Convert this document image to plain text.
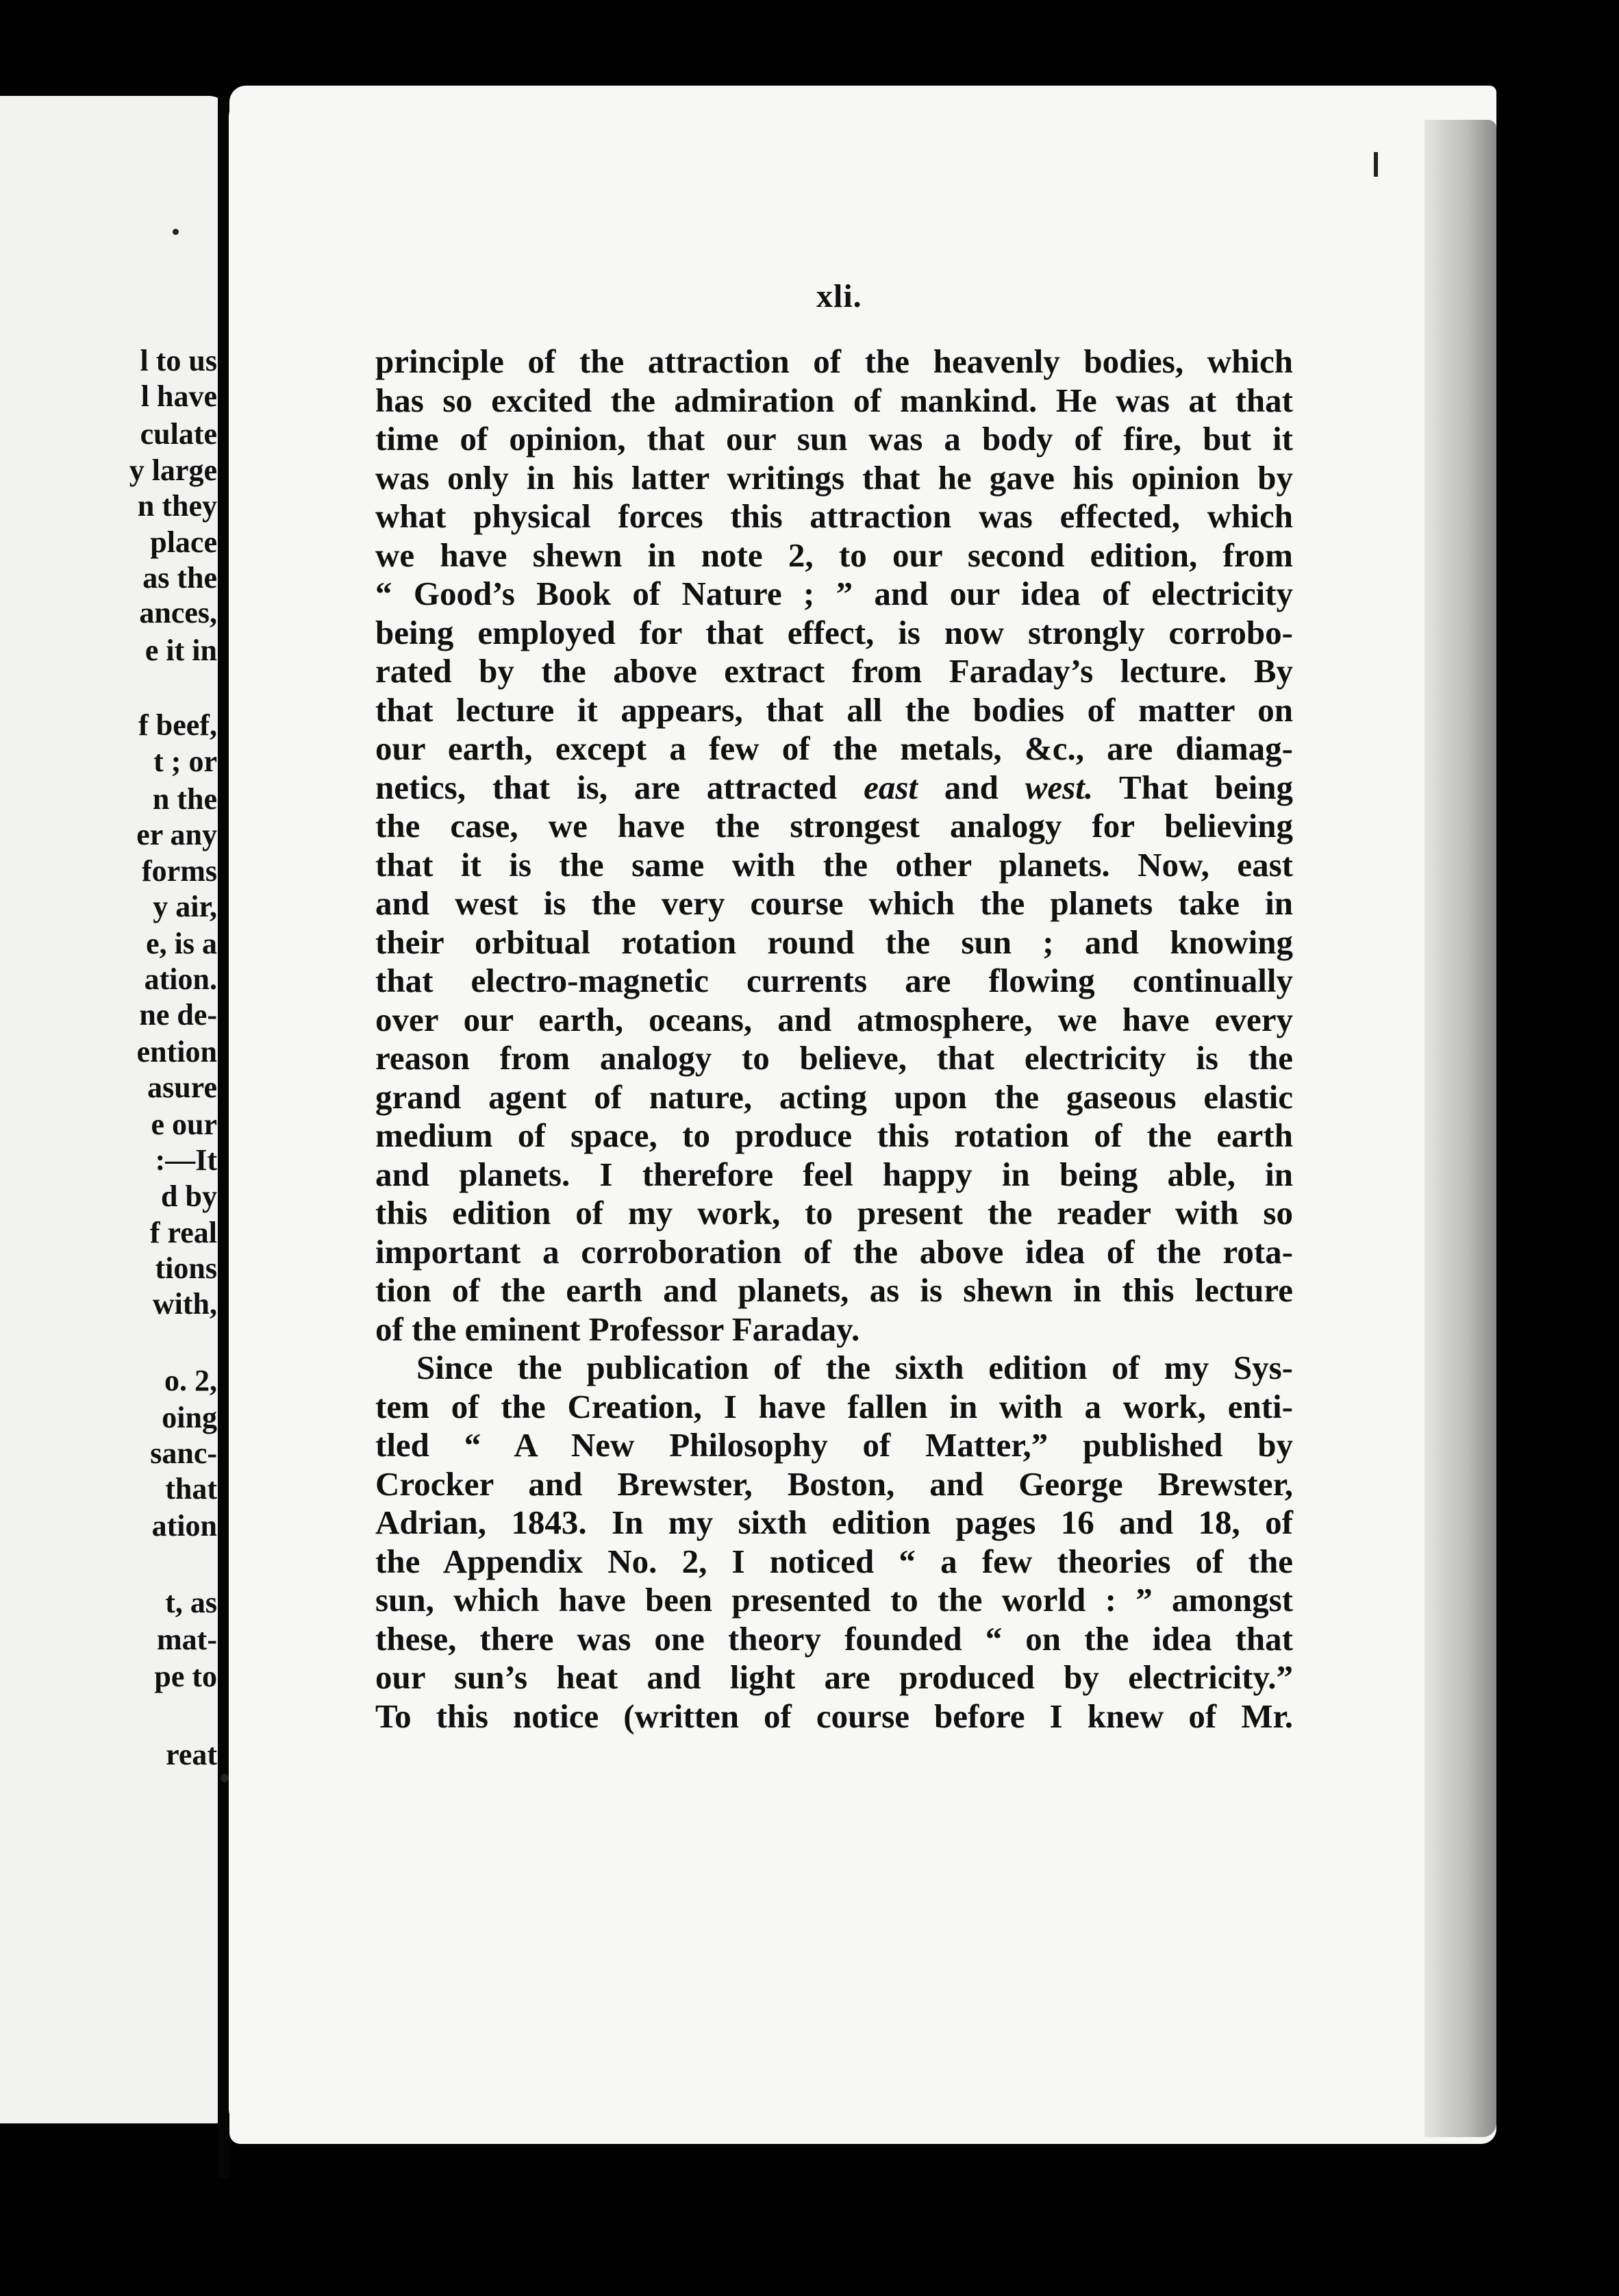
l to us
l have
culate
y large
n they
place
as the
ances,
e it in
f beef,
t ; or
n the
er any
forms
y air,
e, is a
ation.
ne de-
ention
asure
e our
:—It
d by
f real
tions
with,
o. 2,
oing
sanc-
that
ation
t, as
mat-
pe to
reat
xli.
principle of the attraction of the heavenly bodies, which
has so excited the admiration of mankind. He was at that
time of opinion, that our sun was a body of fire, but it
was only in his latter writings that he gave his opinion by
what physical forces this attraction was effected, which
we have shewn in note 2, to our second edition, from
“ Good’s Book of Nature ; ” and our idea of electricity
being employed for that effect, is now strongly corrobo-
rated by the above extract from Faraday’s lecture. By
that lecture it appears, that all the bodies of matter on
our earth, except a few of the metals, &c., are diamag-
netics, that is, are attracted east and west. That being
the case, we have the strongest analogy for believing
that it is the same with the other planets. Now, east
and west is the very course which the planets take in
their orbitual rotation round the sun ; and knowing
that electro-magnetic currents are flowing continually
over our earth, oceans, and atmosphere, we have every
reason from analogy to believe, that electricity is the
grand agent of nature, acting upon the gaseous elastic
medium of space, to produce this rotation of the earth
and planets. I therefore feel happy in being able, in
this edition of my work, to present the reader with so
important a corroboration of the above idea of the rota-
tion of the earth and planets, as is shewn in this lecture
of the eminent Professor Faraday.
Since the publication of the sixth edition of my Sys-
tem of the Creation, I have fallen in with a work, enti-
tled “ A New Philosophy of Matter,” published by
Crocker and Brewster, Boston, and George Brewster,
Adrian, 1843. In my sixth edition pages 16 and 18, of
the Appendix No. 2, I noticed “ a few theories of the
sun, which have been presented to the world : ” amongst
these, there was one theory founded “ on the idea that
our sun’s heat and light are produced by electricity.”
To this notice (written of course before I knew of Mr.
